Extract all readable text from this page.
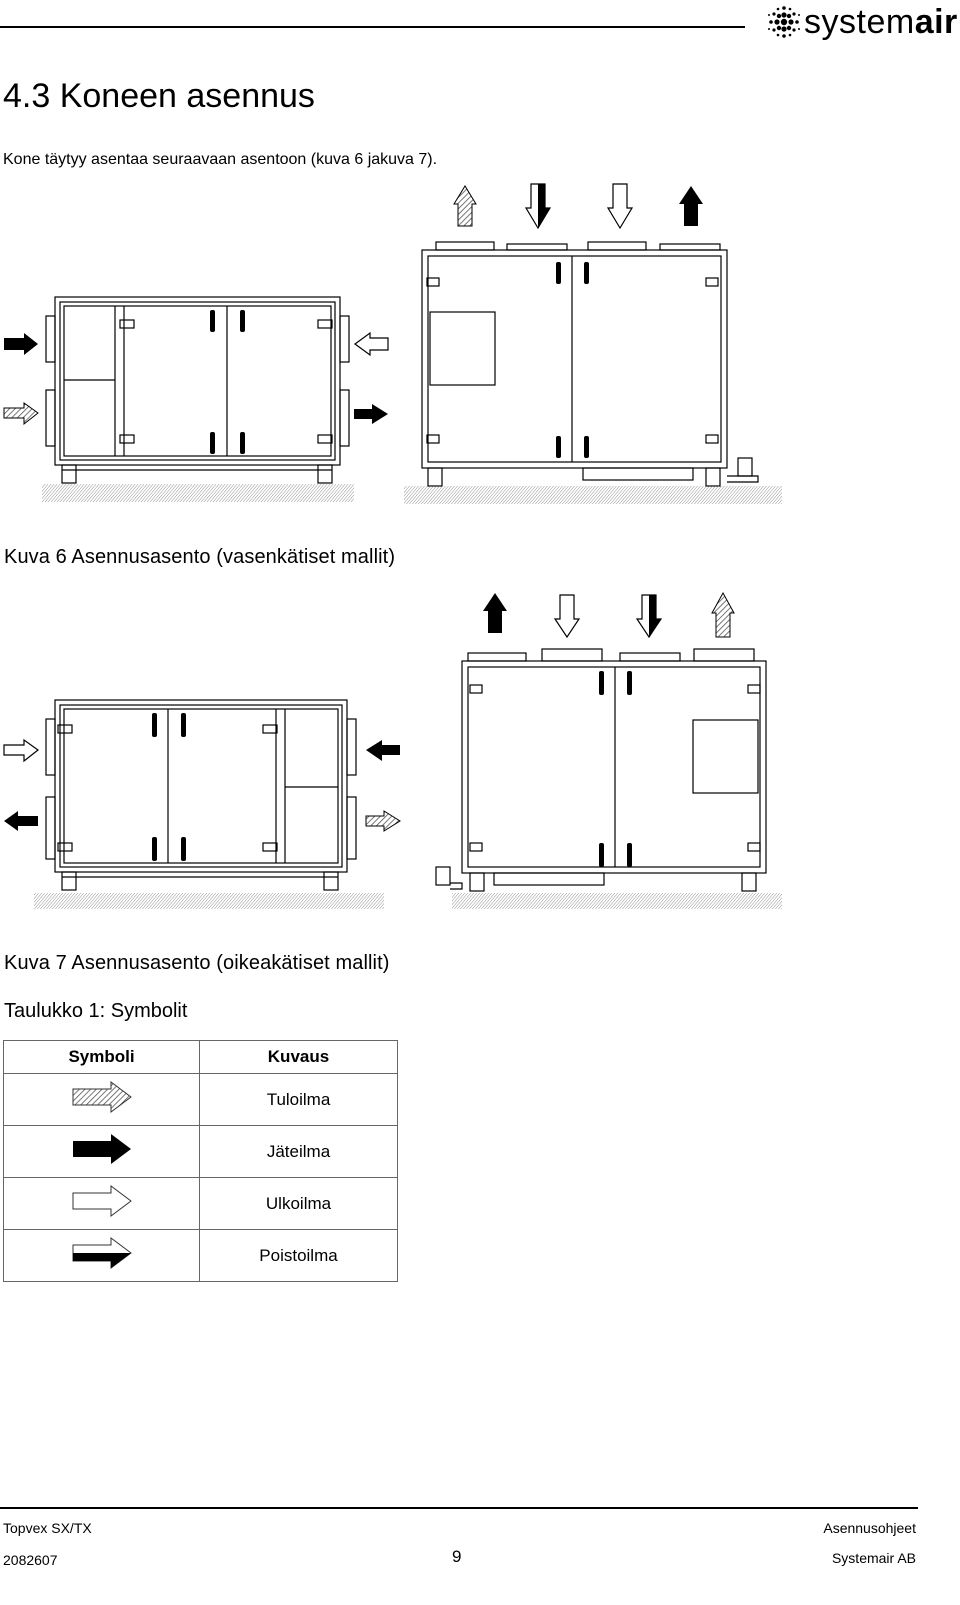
systemair
4.3 Koneen asennus
Kone täytyy asentaa seuraavaan asentoon (kuva 6 jakuva 7).
Kuva 6 Asennusasento (vasenkätiset mallit)
Kuva 7 Asennusasento (oikeakätiset mallit)
Taulukko 1: Symbolit
Symboli	Kuvaus
	Tuloilma
	Jäteilma
	Ulkoilma
	Poistoilma
Topvex SX/TX	Asennusohjeet
2082607	9	Systemair AB
